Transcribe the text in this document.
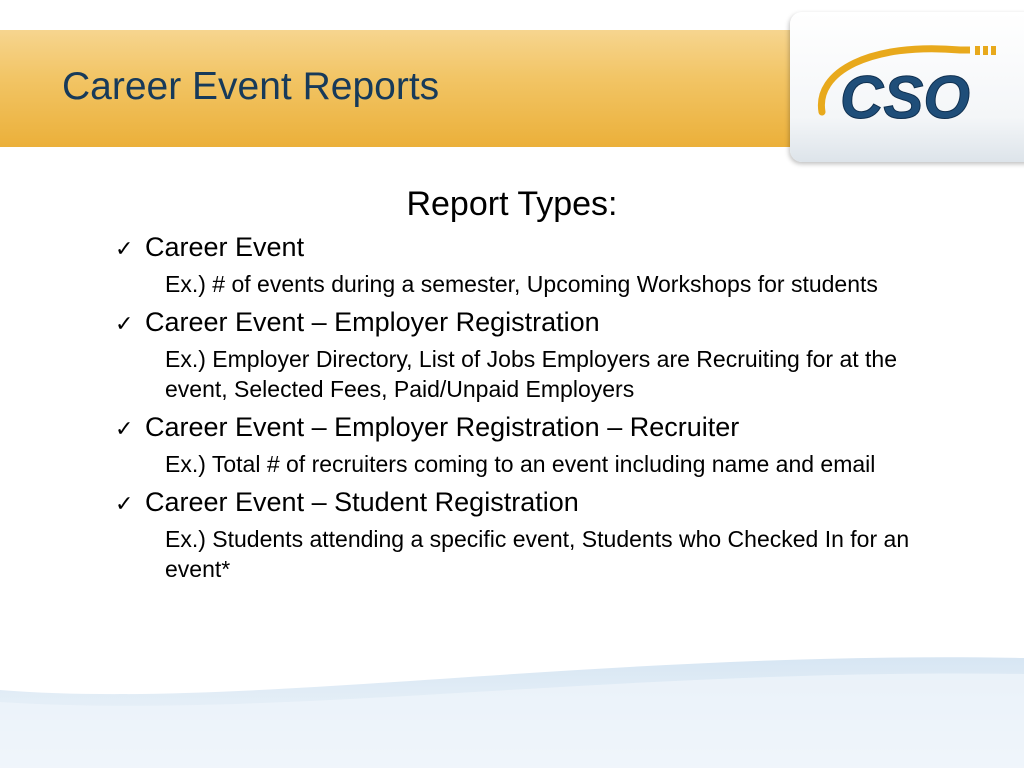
Career Event Reports	CSO
Report Types:
✓ Career Event
Ex.) # of events during a semester, Upcoming Workshops for students
✓ Career Event – Employer Registration
Ex.) Employer Directory, List of Jobs Employers are Recruiting for at the event, Selected Fees, Paid/Unpaid Employers
✓ Career Event – Employer Registration – Recruiter
Ex.) Total # of recruiters coming to an event including name and email
✓ Career Event – Student Registration
Ex.) Students attending a specific event, Students who Checked In for an event*
